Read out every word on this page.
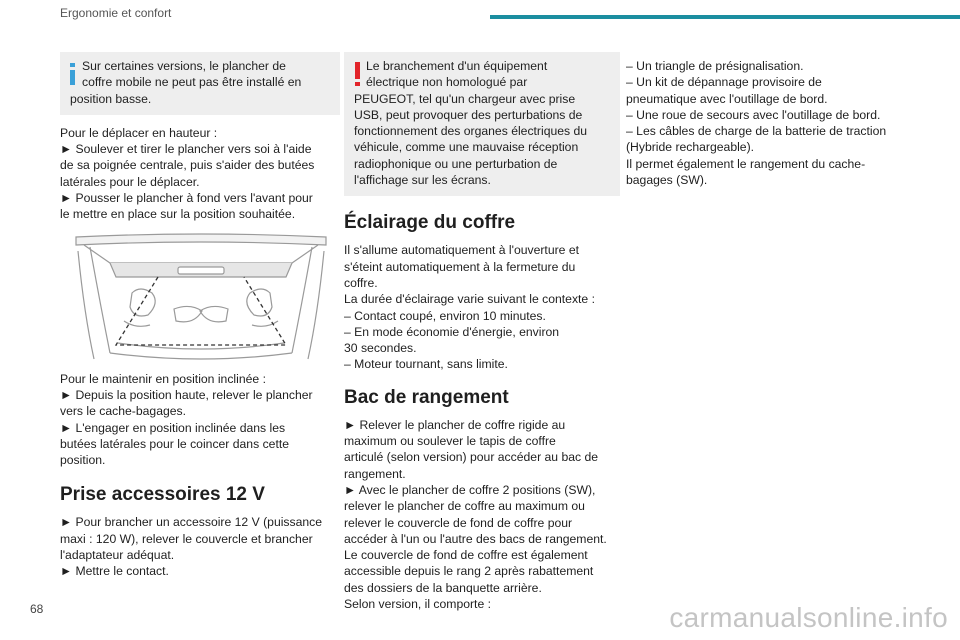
Ergonomie et confort
Sur certaines versions, le plancher de
coffre mobile ne peut pas être installé en
position basse.

Pour le déplacer en hauteur :

► Soulever et tirer le plancher vers soi à l'aide

de sa poignée centrale, puis s'aider des butées

latérales pour le déplacer.

► Pousser le plancher à fond vers l'avant pour

le mettre en place sur la position souhaitée.

Pour le maintenir en position inclinée :

► Depuis la position haute, relever le plancher

vers le cache-bagages.

► L'engager en position inclinée dans les

butées latérales pour le coincer dans cette

position.

Prise accessoires 12 V

► Pour brancher un accessoire 12 V (puissance

maxi : 120 W), relever le couvercle et brancher

l'adaptateur adéquat.

► Mettre le contact.

Le branchement d'un équipement
électrique non homologué par
PEUGEOT, tel qu'un chargeur avec prise
USB, peut provoquer des perturbations de
fonctionnement des organes électriques du
véhicule, comme une mauvaise réception
radiophonique ou une perturbation de
l'affichage sur les écrans.
Éclairage du coffre

Il s'allume automatiquement à l'ouverture et

s'éteint automatiquement à la fermeture du

coffre.

La durée d'éclairage varie suivant le contexte :

– Contact coupé, environ 10 minutes.

– En mode économie d'énergie, environ

30 secondes.

– Moteur tournant, sans limite.

Bac de rangement

► Relever le plancher de coffre rigide au

maximum ou soulever le tapis de coffre

articulé (selon version) pour accéder au bac de

rangement.

► Avec le plancher de coffre 2 positions (SW),

relever le plancher de coffre au maximum ou

relever le couvercle de fond de coffre pour

accéder à l'un ou l'autre des bacs de rangement.

Le couvercle de fond de coffre est également

accessible depuis le rang 2 après rabattement

des dossiers de la banquette arrière.

Selon version, il comporte :

– Un triangle de présignalisation.

– Un kit de dépannage provisoire de

pneumatique avec l'outillage de bord.

– Une roue de secours avec l'outillage de bord.

– Les câbles de charge de la batterie de traction

(Hybride rechargeable).

Il permet également le rangement du cache-

bagages (SW).

68	carmanualsonline.info
